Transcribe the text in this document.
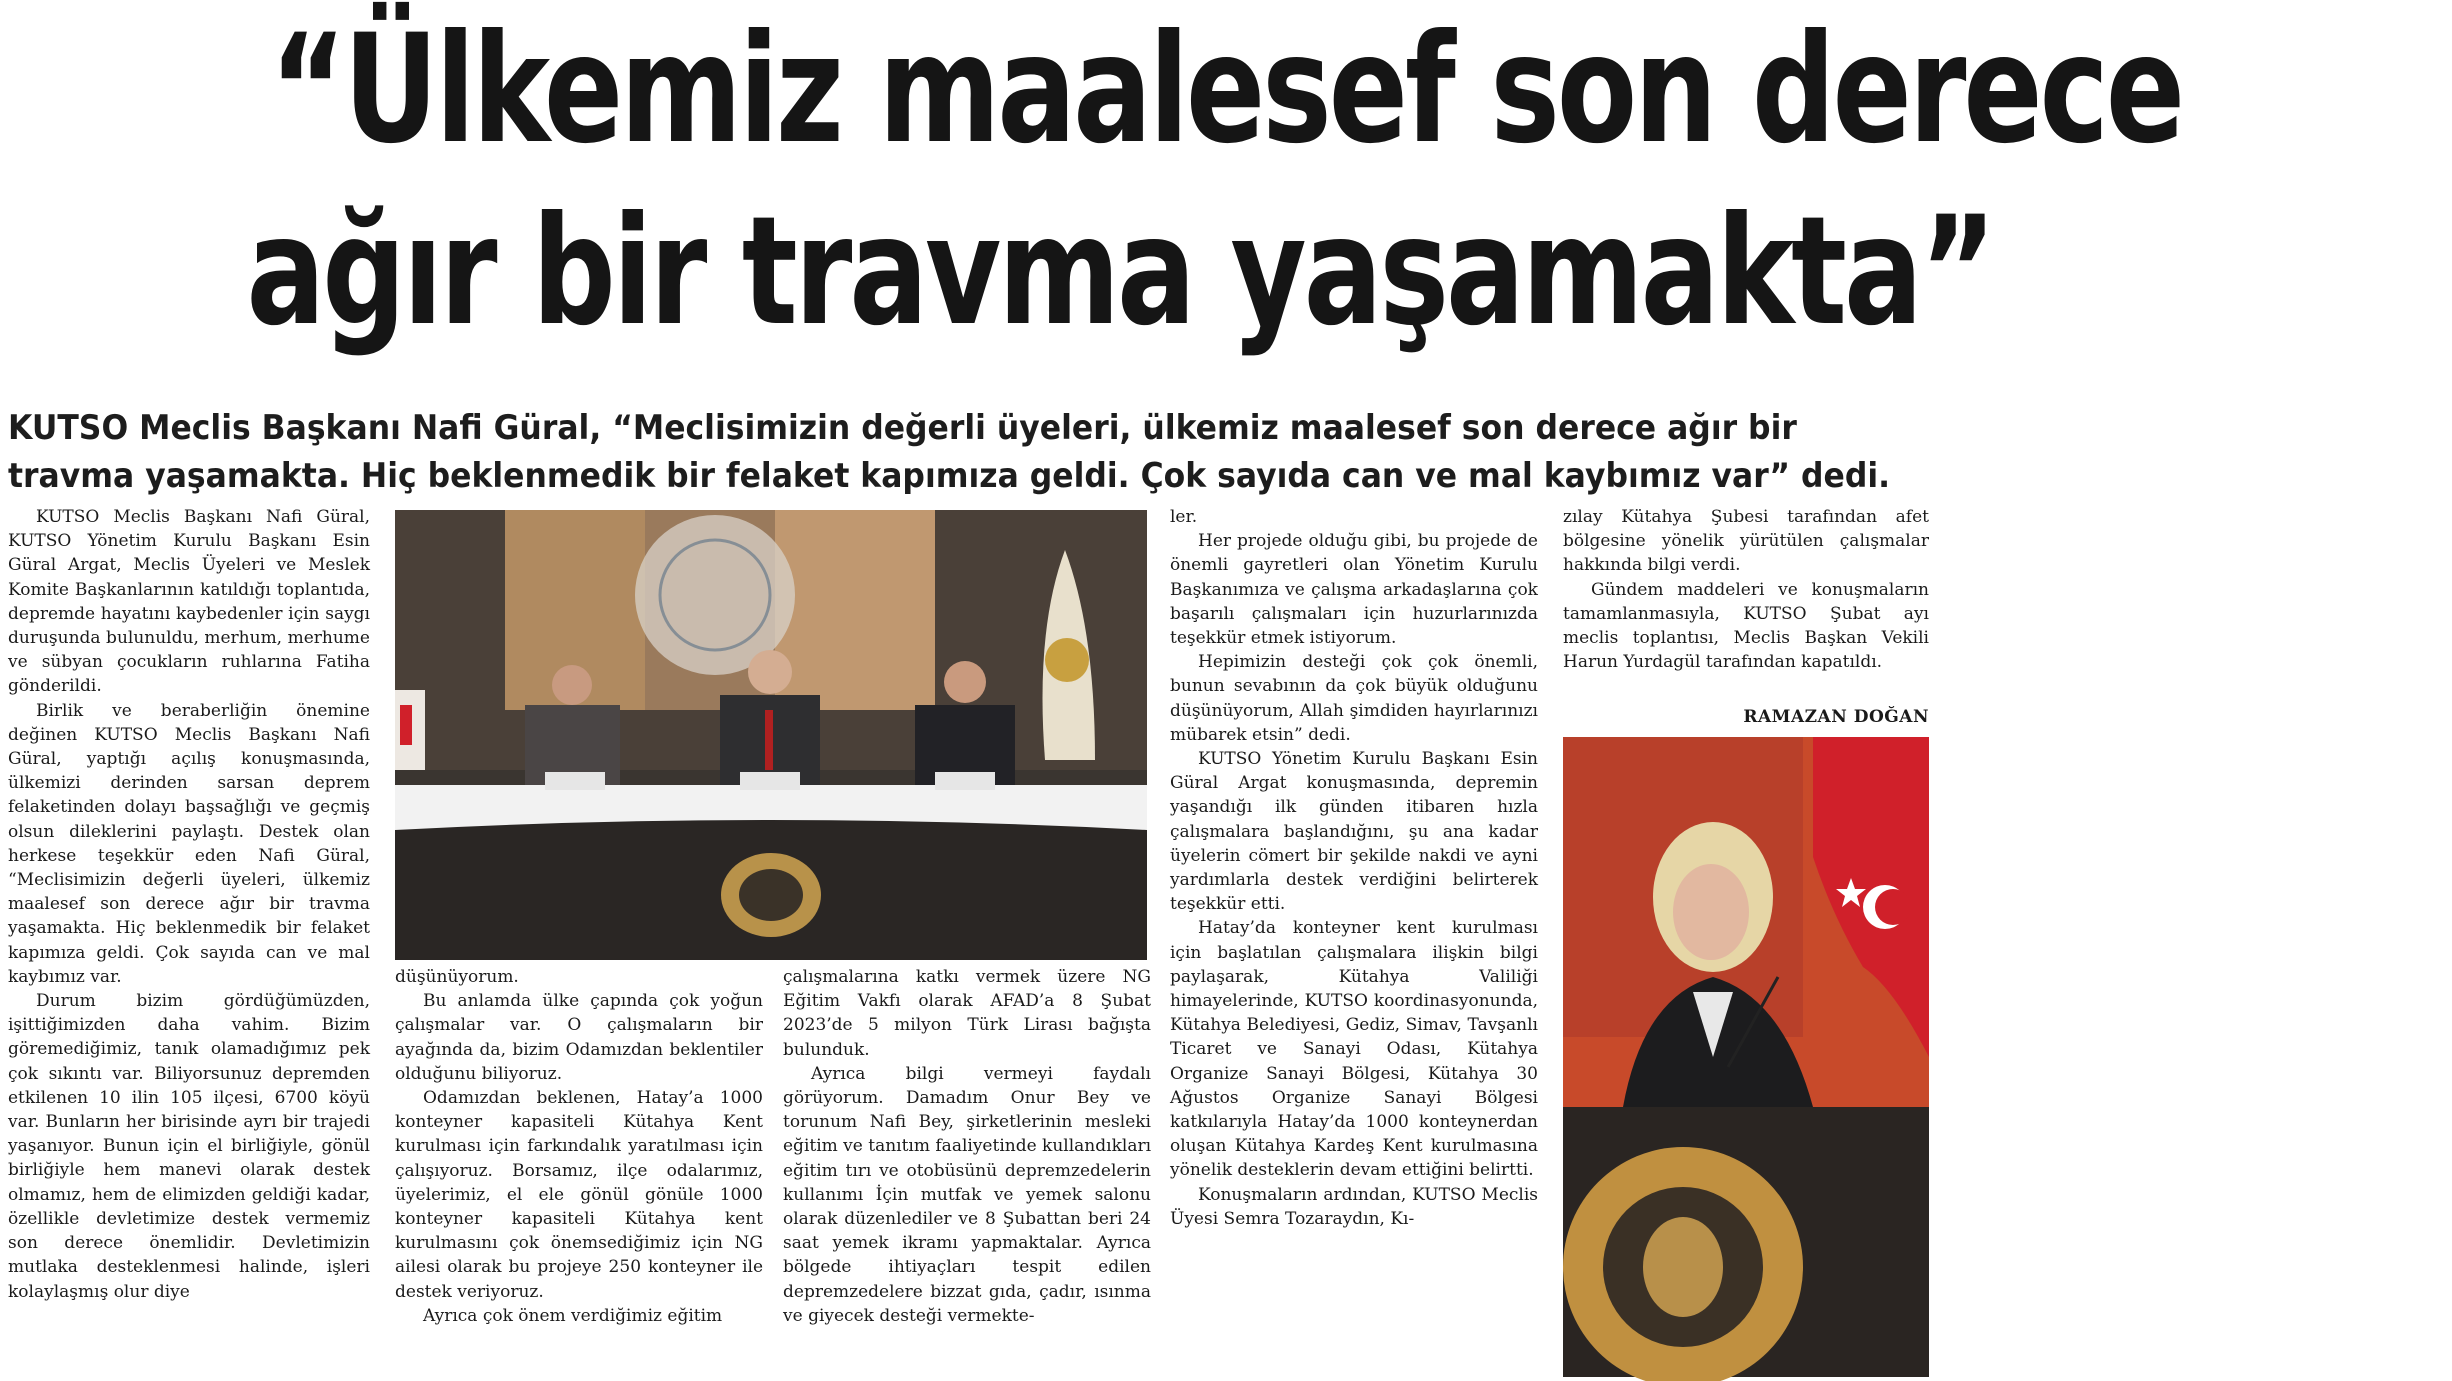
“Ülkemiz maalesef son derece
ağır bir travma yaşamakta”
KUTSO Meclis Başkanı Nafi Güral, “Meclisimizin değerli üyeleri, ülkemiz maalesef son derece ağır bir
travma yaşamakta. Hiç beklenmedik bir felaket kapımıza geldi. Çok sayıda can ve mal kaybımız var” dedi.

KUTSO Meclis Başkanı Nafi Güral, KUTSO Yönetim Kurulu Başkanı Esin Güral Argat, Meclis Üyeleri ve Meslek Komite Başkanlarının katıldığı toplantıda, depremde hayatını kaybedenler için saygı duruşunda bulunuldu, merhum, merhume ve sübyan çocukların ruhlarına Fatiha gönderildi.

Birlik ve beraberliğin önemine değinen KUTSO Meclis Başkanı Nafi Güral, yaptığı açılış konuşmasında, ülkemizi derinden sarsan deprem felaketinden dolayı başsağlığı ve geçmiş olsun dileklerini paylaştı. Destek olan herkese teşekkür eden Nafi Güral, “Meclisimizin değerli üyeleri, ülkemiz maalesef son derece ağır bir travma yaşamakta. Hiç beklenmedik bir felaket kapımıza geldi. Çok sayıda can ve mal kaybımız var.

Durum bizim gördüğümüzden, işittiğimizden daha vahim. Bizim göremediğimiz, tanık olamadığımız pek çok sıkıntı var. Biliyorsunuz depremden etkilenen 10 ilin 105 ilçesi, 6700 köyü var. Bunların her birisinde ayrı bir trajedi yaşanıyor. Bunun için el birliğiyle, gönül birliğiyle hem manevi olarak destek olmamız, hem de elimizden geldiği kadar, özellikle devletimize destek vermemiz son derece önemlidir. Devletimizin mutlaka desteklenmesi halinde, işleri kolaylaşmış olur diye

düşünüyorum.

Bu anlamda ülke çapında çok yoğun çalışmalar var. O çalışmaların bir ayağında da, bizim Odamızdan beklentiler olduğunu biliyoruz.

Odamızdan beklenen, Hatay’a 1000 konteyner kapasiteli Kütahya Kent kurulması için farkındalık yaratılması için çalışıyoruz. Borsamız, ilçe odalarımız, üyelerimiz, el ele gönül gönüle 1000 konteyner kapasiteli Kütahya kent kurulmasını çok önemsediğimiz için NG ailesi olarak bu projeye 250 konteyner ile destek veriyoruz.

Ayrıca çok önem verdiğimiz eğitim

çalışmalarına katkı vermek üzere NG Eğitim Vakfı olarak AFAD’a 8 Şubat 2023’de 5 milyon Türk Lirası bağışta bulunduk.

Ayrıca bilgi vermeyi faydalı görüyorum. Damadım Onur Bey ve torunum Nafi Bey, şirketlerinin mesleki eğitim ve tanıtım faaliyetinde kullandıkları eğitim tırı ve otobüsünü depremzedelerin kullanımı İçin mutfak ve yemek salonu olarak düzenlediler ve 8 Şubattan beri 24 saat yemek ikramı yapmaktalar. Ayrıca bölgede ihtiyaçları tespit edilen depremzedelere bizzat gıda, çadır, ısınma ve giyecek desteği vermekte-

ler.

Her projede olduğu gibi, bu projede de önemli gayretleri olan Yönetim Kurulu Başkanımıza ve çalışma arkadaşlarına çok başarılı çalışmaları için huzurlarınızda teşekkür etmek istiyorum.

Hepimizin desteği çok çok önemli, bunun sevabının da çok büyük olduğunu düşünüyorum, Allah şimdiden hayırlarınızı mübarek etsin” dedi.

KUTSO Yönetim Kurulu Başkanı Esin Güral Argat konuşmasında, depremin yaşandığı ilk günden itibaren hızla çalışmalara başlandığını, şu ana kadar üyelerin cömert bir şekilde nakdi ve ayni yardımlarla destek verdiğini belirterek teşekkür etti.

Hatay’da konteyner kent kurulması için başlatılan çalışmalara ilişkin bilgi paylaşarak, Kütahya Valiliği himayelerinde, KUTSO koordinasyonunda, Kütahya Belediyesi, Gediz, Simav, Tavşanlı Ticaret ve Sanayi Odası, Kütahya Organize Sanayi Bölgesi, Kütahya 30 Ağustos Organize Sanayi Bölgesi katkılarıyla Hatay’da 1000 konteynerdan oluşan Kütahya Kardeş Kent kurulmasına yönelik desteklerin devam ettiğini belirtti.

Konuşmaların ardından, KUTSO Meclis Üyesi Semra Tozaraydın, Kı-

zılay Kütahya Şubesi tarafından afet bölgesine yönelik yürütülen çalışmalar hakkında bilgi verdi.

Gündem maddeleri ve konuşmaların tamamlanmasıyla, KUTSO Şubat ayı meclis toplantısı, Meclis Başkan Vekili Harun Yurdagül tarafından kapatıldı.

RAMAZAN DOĞAN
